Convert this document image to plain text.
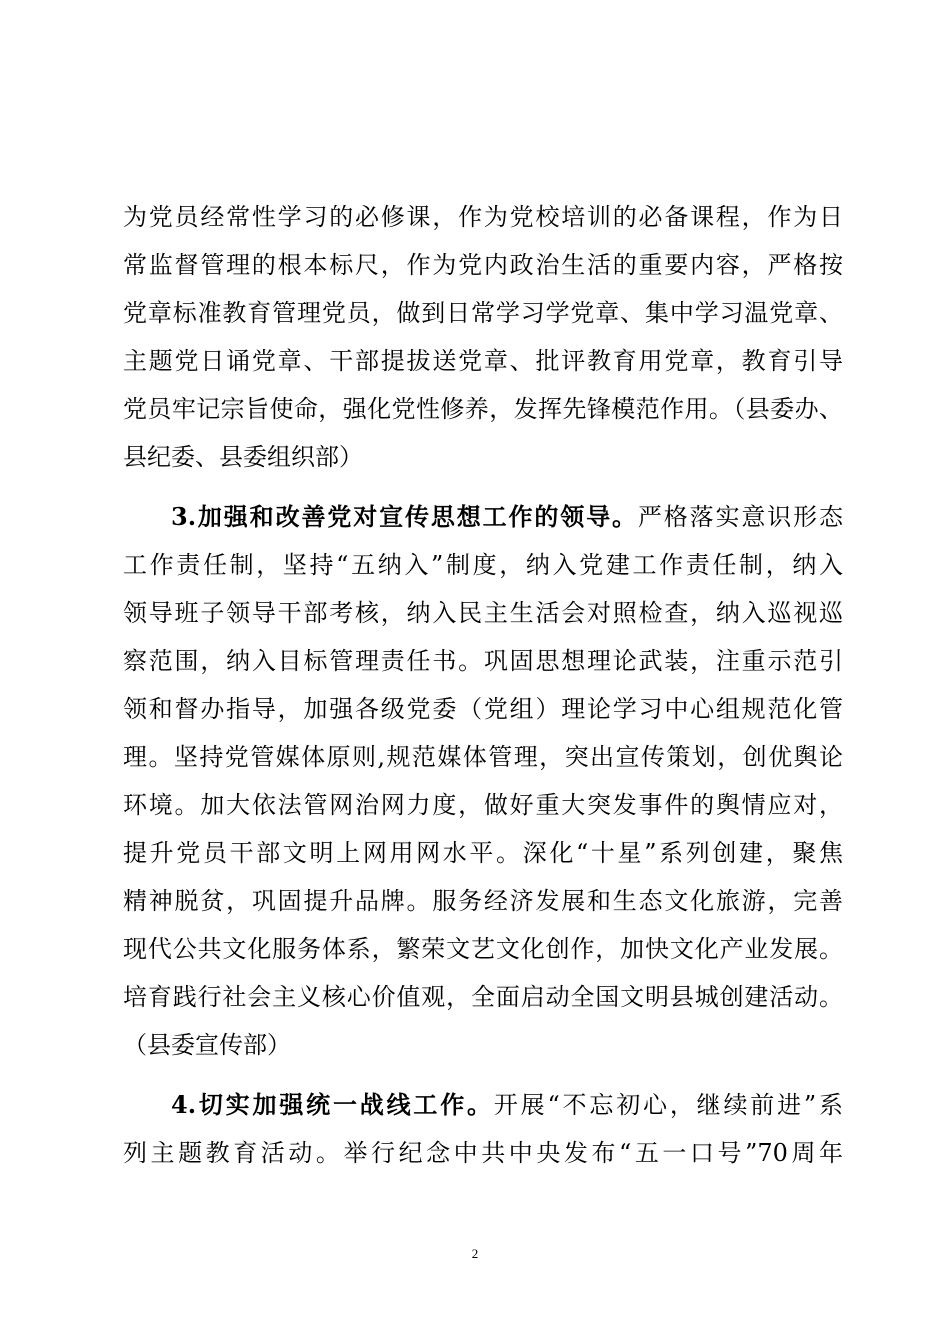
为党员经常性学习的必修课，作为党校培训的必备课程，作为日
常监督管理的根本标尺，作为党内政治生活的重要内容，严格按
党章标准教育管理党员，做到日常学习学党章、集中学习温党章、
主题党日诵党章、干部提拔送党章、批评教育用党章，教育引导
党员牢记宗旨使命，强化党性修养，发挥先锋模范作用。（县委办、
县纪委、县委组织部）
3.加强和改善党对宣传思想工作的领导。严格落实意识形态
工作责任制，坚持“五纳入”制度，纳入党建工作责任制，纳入
领导班子领导干部考核，纳入民主生活会对照检查，纳入巡视巡
察范围，纳入目标管理责任书。巩固思想理论武装，注重示范引
领和督办指导，加强各级党委（党组）理论学习中心组规范化管
理。坚持党管媒体原则,规范媒体管理，突出宣传策划，创优舆论
环境。加大依法管网治网力度，做好重大突发事件的舆情应对，
提升党员干部文明上网用网水平。深化“十星”系列创建，聚焦
精神脱贫，巩固提升品牌。服务经济发展和生态文化旅游，完善
现代公共文化服务体系，繁荣文艺文化创作，加快文化产业发展。
培育践行社会主义核心价值观，全面启动全国文明县城创建活动。
（县委宣传部）
4.切实加强统一战线工作。开展“不忘初心，继续前进”系
列主题教育活动。举行纪念中共中央发布“五一口号”70周年
2
